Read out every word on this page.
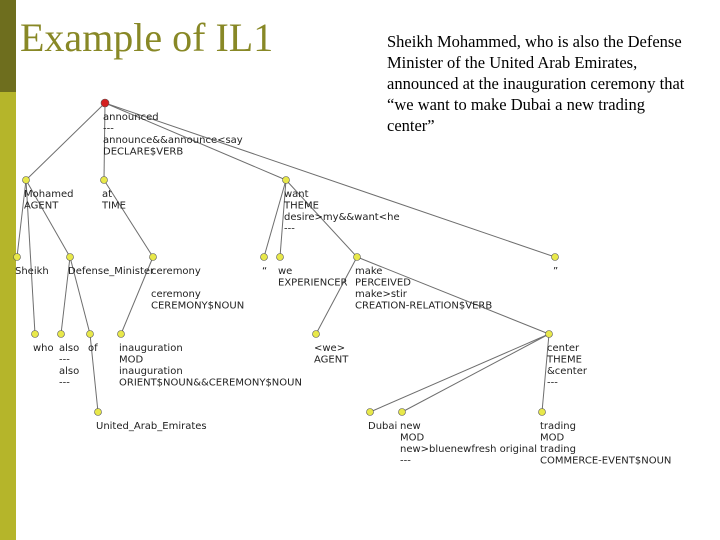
Example of IL1	Sheikh Mohammed, who is also the Defense Minister of the United Arab Emirates, announced at the inauguration ceremony that “we want to make Dubai a new trading center”
announced ---announce&&announce<say DECLARE$VERB
Mohamed AGENT
at TIME
want THEME desire>my&&want<he ---
Sheikh Defense_Minister
ceremony ceremony CEREMONY$NOUN
“ we EXPERIENCER
make PERCEIVED make>stir CREATION-RELATION$VERB
”
who also ---also ---
of inauguration MOD inauguration ORIENT$NOUN&&CEREMONY$NOUN
<we> AGENT
center THEME &center ---
United_Arab_Emirates	Dubai new MOD new>bluenewfresh original ---
trading MOD trading COMMERCE-EVENT$NOUN
